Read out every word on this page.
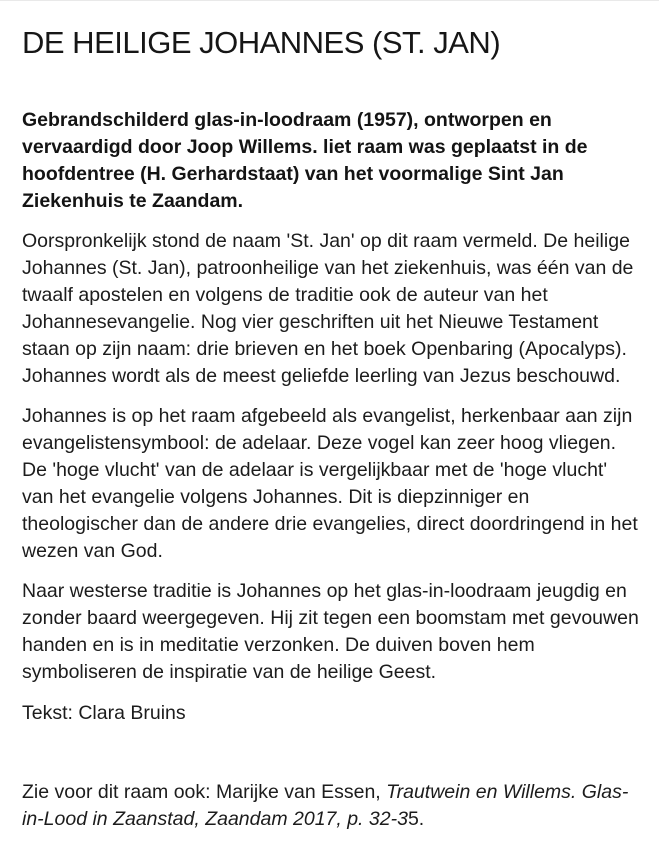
DE HEILIGE JOHANNES (ST. JAN)

Gebrandschilderd glas-in-loodraam (1957), ontworpen en vervaardigd door Joop Willems. liet raam was geplaatst in de hoofdentree (H. Gerhardstaat) van het voormalige Sint Jan Ziekenhuis te Zaandam.

Oorspronkelijk stond de naam 'St. Jan' op dit raam vermeld. De heilige Johannes (St. Jan), patroonheilige van het ziekenhuis, was één van de twaalf apostelen en volgens de traditie ook de auteur van het Johannesevangelie. Nog vier geschriften uit het Nieuwe Testament staan op zijn naam: drie brieven en het boek Openbaring (Apocalyps). Johannes wordt als de meest geliefde leerling van Jezus beschouwd.

Johannes is op het raam afgebeeld als evangelist, herkenbaar aan zijn evangelistensymbool: de adelaar. Deze vogel kan zeer hoog vliegen. De 'hoge vlucht' van de adelaar is vergelijkbaar met de 'hoge vlucht' van het evangelie volgens Johannes. Dit is diepzinniger en theologischer dan de andere drie evangelies, direct doordringend in het wezen van God.

Naar westerse traditie is Johannes op het glas-in-loodraam jeugdig en zonder baard weergegeven. Hij zit tegen een boomstam met gevouwen handen en is in meditatie verzonken. De duiven boven hem symboliseren de inspiratie van de heilige Geest.

Tekst: Clara Bruins

Zie voor dit raam ook: Marijke van Essen, Trautwein en Willems. Glas-in-Lood in Zaanstad, Zaandam 2017, p. 32-35.
